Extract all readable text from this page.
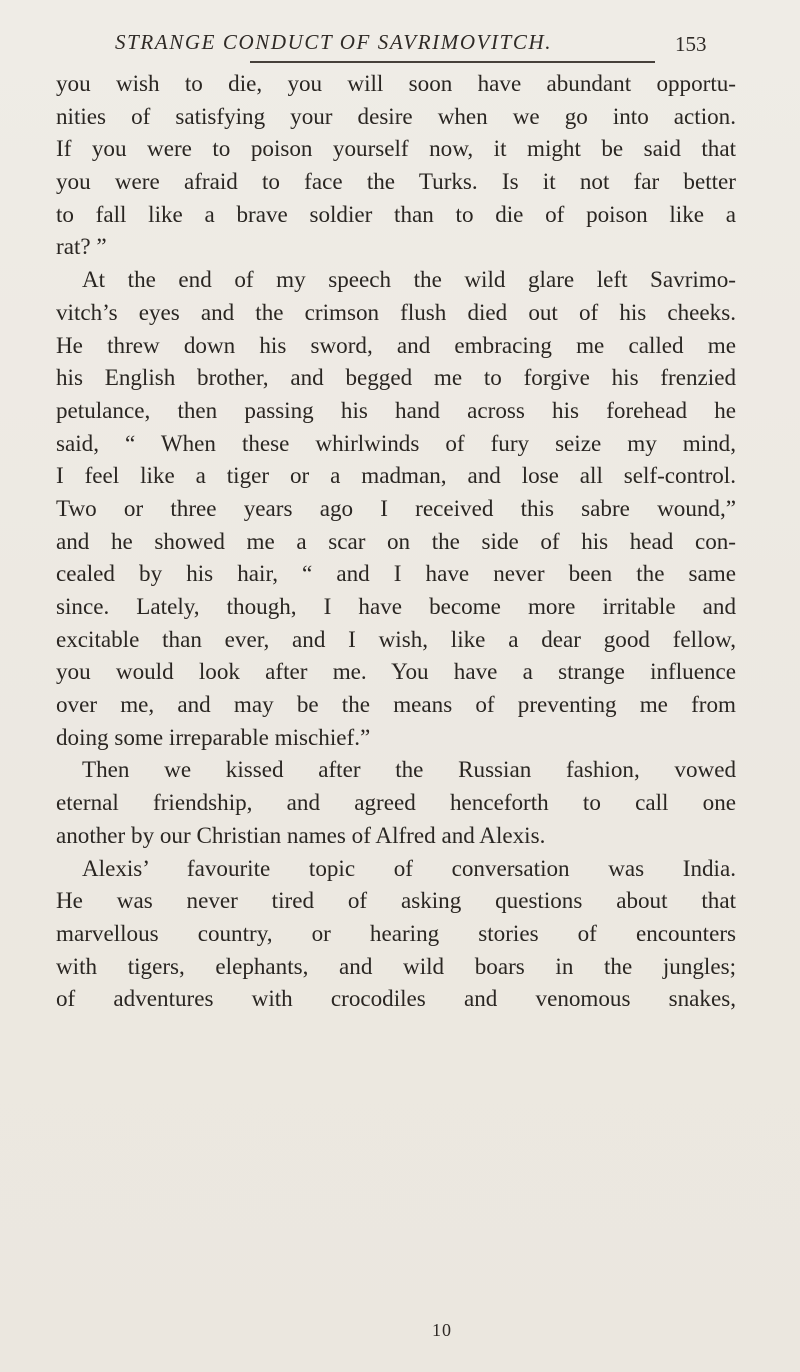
STRANGE CONDUCT OF SAVRIMOVITCH.	153
you wish to die, you will soon have abundant opportu-
nities of satisfying your desire when we go into action.
If you were to poison yourself now, it might be said that
you were afraid to face the Turks. Is it not far better
to fall like a brave soldier than to die of poison like a
rat? ”
At the end of my speech the wild glare left Savrimo-
vitch’s eyes and the crimson flush died out of his cheeks.
He threw down his sword, and embracing me called me
his English brother, and begged me to forgive his frenzied
petulance, then passing his hand across his forehead he
said, “ When these whirlwinds of fury seize my mind,
I feel like a tiger or a madman, and lose all self-control.
Two or three years ago I received this sabre wound,”
and he showed me a scar on the side of his head con-
cealed by his hair, “ and I have never been the same
since. Lately, though, I have become more irritable and
excitable than ever, and I wish, like a dear good fellow,
you would look after me. You have a strange influence
over me, and may be the means of preventing me from
doing some irreparable mischief.”
Then we kissed after the Russian fashion, vowed
eternal friendship, and agreed henceforth to call one
another by our Christian names of Alfred and Alexis.
Alexis’ favourite topic of conversation was India.
He was never tired of asking questions about that
marvellous country, or hearing stories of encounters
with tigers, elephants, and wild boars in the jungles;
of adventures with crocodiles and venomous snakes,
10
